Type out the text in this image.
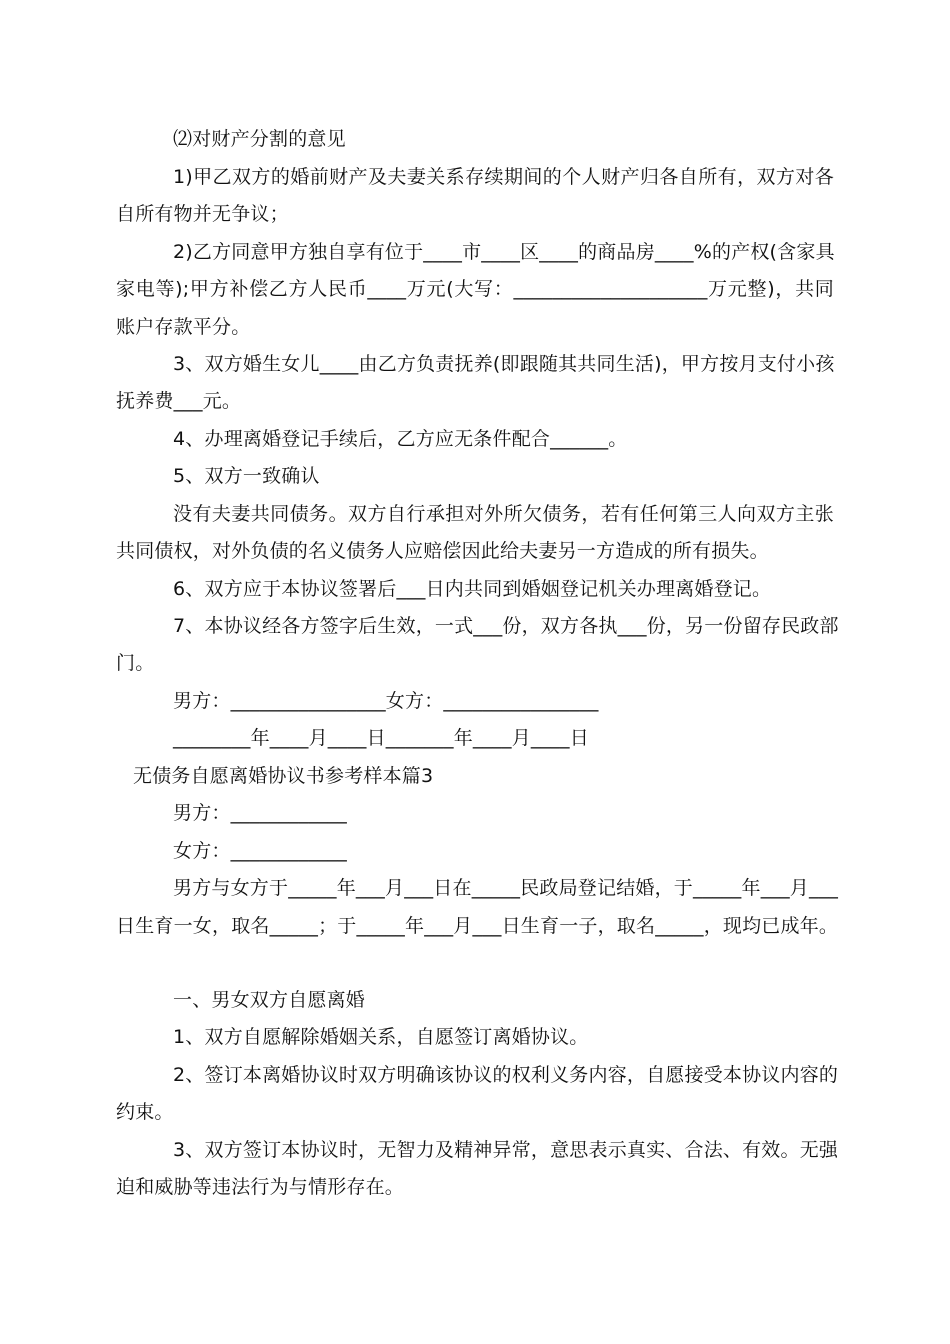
⑵对财产分割的意见
1)甲乙双方的婚前财产及夫妻关系存续期间的个人财产归各自所有，双方对各
自所有物并无争议；
2)乙方同意甲方独自享有位于____市____区____的商品房____%的产权(含家具
家电等);甲方补偿乙方人民币____万元(大写：____________________万元整)，共同
账户存款平分。
3、双方婚生女儿____由乙方负责抚养(即跟随其共同生活)，甲方按月支付小孩
抚养费___元。
4、办理离婚登记手续后，乙方应无条件配合______。
5、双方一致确认
没有夫妻共同债务。双方自行承担对外所欠债务，若有任何第三人向双方主张
共同债权，对外负债的名义债务人应赔偿因此给夫妻另一方造成的所有损失。
6、双方应于本协议签署后___日内共同到婚姻登记机关办理离婚登记。
7、本协议经各方签字后生效，一式___份，双方各执___份，另一份留存民政部
门。
男方：________________女方：________________
________年____月____日_______年____月____日
无债务自愿离婚协议书参考样本篇3
男方：____________
女方：____________
男方与女方于_____年___月___日在_____民政局登记结婚，于_____年___月___
日生育一女，取名_____；于_____年___月___日生育一子，取名_____，现均已成年。
一、男女双方自愿离婚
1、双方自愿解除婚姻关系，自愿签订离婚协议。
2、签订本离婚协议时双方明确该协议的权利义务内容，自愿接受本协议内容的
约束。
3、双方签订本协议时，无智力及精神异常，意思表示真实、合法、有效。无强
迫和威胁等违法行为与情形存在。
